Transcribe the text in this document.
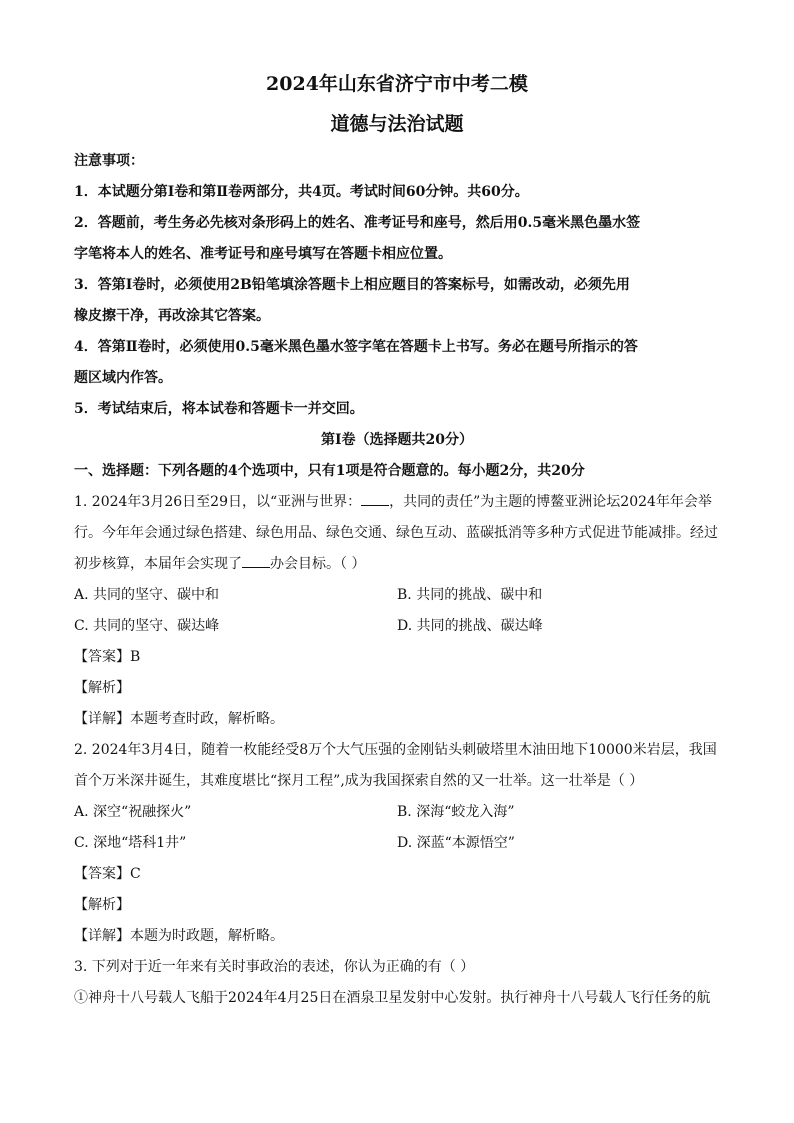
2024年山东省济宁市中考二模

道德与法治试题

注意事项：

1．本试题分第Ⅰ卷和第Ⅱ卷两部分，共4页。考试时间60分钟。共60分。

2．答题前，考生务必先核对条形码上的姓名、准考证号和座号，然后用0.5毫米黑色墨水签

字笔将本人的姓名、准考证号和座号填写在答题卡相应位置。

3．答第Ⅰ卷时，必须使用2B铅笔填涂答题卡上相应题目的答案标号，如需改动，必须先用

橡皮擦干净，再改涂其它答案。

4．答第Ⅱ卷时，必须使用0.5毫米黑色墨水签字笔在答题卡上书写。务必在题号所指示的答

题区域内作答。

5．考试结束后，将本试卷和答题卡一并交回。

第Ⅰ卷（选择题共20分）

一、选择题：下列各题的4个选项中，只有1项是符合题意的。每小题2分，共20分

1. 2024年3月26日至29日，以“亚洲与世界： ，共同的责任”为主题的博鳌亚洲论坛2024年年会举
行。今年年会通过绿色搭建、绿色用品、绿色交通、绿色互动、蓝碳抵消等多种方式促进节能减排。经过
初步核算，本届年会实现了 办会目标。（ ）
A. 共同的坚守、碳中和	B. 共同的挑战、碳中和
C. 共同的坚守、碳达峰	D. 共同的挑战、碳达峰
【答案】B
【解析】
【详解】本题考查时政，解析略。
2. 2024年3月4日，随着一枚能经受8万个大气压强的金刚钻头刺破塔里木油田地下10000米岩层，我国
首个万米深井诞生，其难度堪比“探月工程”,成为我国探索自然的又一壮举。这一壮举是（ ）
A. 深空“祝融探火”	B. 深海“蛟龙入海”
C. 深地“塔科1井”	D. 深蓝“本源悟空”
【答案】C
【解析】
【详解】本题为时政题，解析略。
3. 下列对于近一年来有关时事政治的表述，你认为正确的有（ ）
①神舟十八号载人飞船于2024年4月25日在酒泉卫星发射中心发射。执行神舟十八号载人飞行任务的航
